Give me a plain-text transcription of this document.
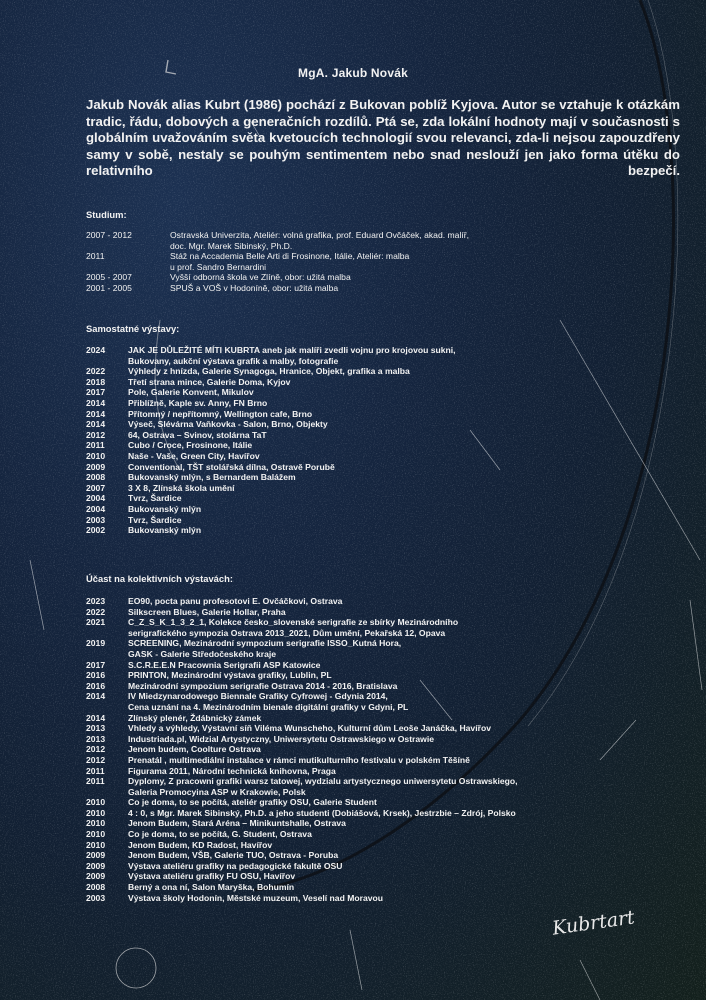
MgA. Jakub Novák
Jakub Novák alias Kubrt (1986) pochází z Bukovan poblíž Kyjova. Autor se vztahuje k otázkám tradic, řádu, dobových a generačních rozdílů. Ptá se, zda lokální hodnoty mají v současnosti s globálním uvažováním světa kvetoucích technologií svou relevanci, zda-li nejsou zapouzdřeny samy v sobě, nestaly se pouhým sentimentem nebo snad neslouží jen jako forma útěku do relativního bezpečí.
Studium:
2007 - 2012	Ostravská Univerzita, Ateliér: volná grafika, prof. Eduard Ovčáček, akad. malíř,
doc. Mgr. Marek Sibinský, Ph.D.
2011	Stáž na Accademia Belle Arti di Frosinone, Itálie, Ateliér: malba
u prof. Sandro Bernardini
2005 - 2007	Vyšší odborná škola ve Zlíně, obor: užitá malba
2001 - 2005	SPUŠ a VOŠ v Hodoníně, obor: užitá malba
Samostatné výstavy:
2024	JAK JE DŮLEŽITÉ MÍTI KUBRTA aneb jak malíři zvedli vojnu pro krojovou sukni,
Bukovany, aukční výstava grafik a malby, fotografie
2022	Výhledy z hnízda, Galerie Synagoga, Hranice, Objekt, grafika a malba
2018	Třetí strana mince, Galerie Doma, Kyjov
2017	Pole, Galerie Konvent, Mikulov
2014	Přiblížně, Kaple sv. Anny, FN Brno
2014	Přítomný / nepřítomný, Wellington cafe, Brno
2014	Výseč, Slévárna Vaňkovka - Salon, Brno, Objekty
2012	64, Ostrava – Svinov, stolárna TaT
2011	Cubo / Croce, Frosinone, Itálie
2010	Naše - Vaše, Green City, Havířov
2009	Conventional, TŠT stolářská dílna, Ostravě Porubě
2008	Bukovanský mlýn, s Bernardem Balážem
2007	3 X 8, Zlínská škola umění
2004	Tvrz, Šardice
2004	Bukovanský mlýn
2003	Tvrz, Šardice
2002	Bukovanský mlýn
Účast na kolektivních výstavách:
2023	EO90, pocta panu profesotovi E. Ovčáčkovi, Ostrava
2022	Silkscreen Blues, Galerie Hollar, Praha
2021	C_Z_S_K_1_3_2_1, Kolekce česko_slovenské serigrafie ze sbírky Mezinárodního
serigrafického sympozia Ostrava 2013_2021, Dům umění, Pekařská 12, Opava
2019	SCREENING, Mezinárodní sympozium serigrafie ISSO_Kutná Hora,
GASK - Galerie Středočeského kraje
2017	S.C.R.E.E.N Pracownia Serigrafii ASP Katowice
2016	PRINTON, Mezinárodní výstava grafiky, Lublin, PL
2016	Mezinárodní sympozium serigrafie Ostrava 2014 - 2016, Bratislava
2014	IV Miedzynarodowego Biennale Grafiky Cyfrowej - Gdynia 2014,
Cena uznání na 4. Mezinárodním bienale digitální grafiky v Gdyni, PL
2014	Zlínský plenér, Ždábnický zámek
2013	Vhledy a výhledy, Výstavní síň Viléma Wunscheho, Kulturní dům Leoše Janáčka, Havířov
2013	Industriada.pl, Widzial Artystyczny, Uniwersytetu Ostrawskiego w Ostrawie
2012	Jenom budem, Coolture Ostrava
2012	Prenatál , multimediální instalace v rámci mutikulturního festivalu v polském Těšíně
2011	Figurama 2011, Národní technická knihovna, Praga
2011	Dyplomy, Z pracowni grafiki warsz tatowej, wydzialu artystycznego uniwersytetu Ostrawskiego,
Galeria Promocyina ASP w Krakowie, Polsk
2010	Co je doma, to se počítá, ateliér grafiky OSU, Galerie Student
2010	4 : 0, s Mgr. Marek Sibinský, Ph.D. a jeho studenti (Dobiášová, Krsek), Jestrzbie – Zdrój, Polsko
2010	Jenom Budem, Stará Aréna – Minikuntshalle, Ostrava
2010	Co je doma, to se počítá, G. Student, Ostrava
2010	Jenom Budem, KD Radost, Havířov
2009	Jenom Budem, VŠB, Galerie TUO, Ostrava - Poruba
2009	Výstava ateliéru grafiky na pedagogické fakultě OSU
2009	Výstava ateliéru grafiky FU OSU, Havířov
2008	Berný a ona ní, Salon Maryška, Bohumín
2003	Výstava školy Hodonín, Městské muzeum, Veselí nad Moravou
Kubrtart
